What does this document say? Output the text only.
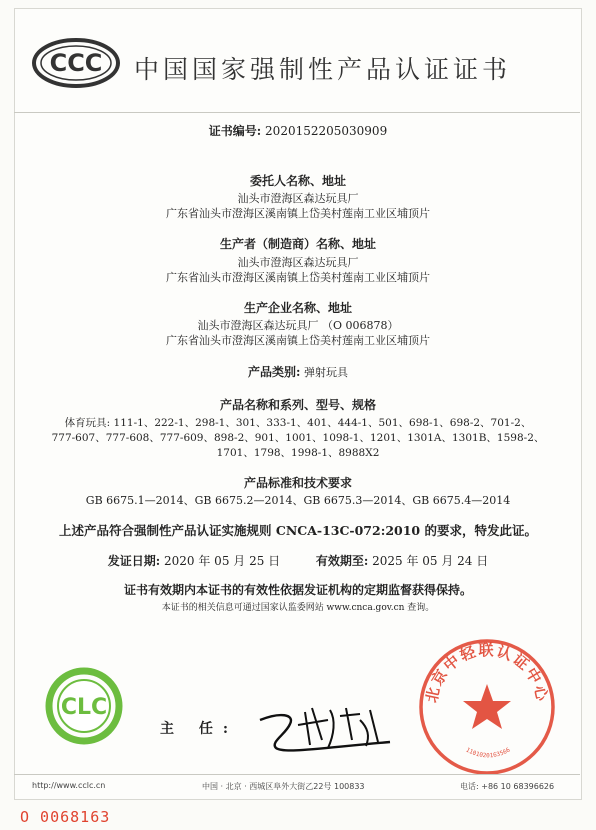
CCC 中国国家强制性产品认证证书
证书编号: 2020152205030909
委托人名称、地址
汕头市澄海区森达玩具厂
广东省汕头市澄海区溪南镇上岱美村莲南工业区埔顶片
生产者（制造商）名称、地址
汕头市澄海区森达玩具厂
广东省汕头市澄海区溪南镇上岱美村莲南工业区埔顶片
生产企业名称、地址
汕头市澄海区森达玩具厂 （O 006878）
广东省汕头市澄海区溪南镇上岱美村莲南工业区埔顶片
产品类别: 弹射玩具
产品名称和系列、型号、规格
体育玩具: 111-1、222-1、298-1、301、333-1、401、444-1、501、698-1、698-2、701-2、
777-607、777-608、777-609、898-2、901、1001、1098-1、1201、1301A、1301B、1598-2、
1701、1798、1998-1、8988X2
产品标准和技术要求
GB 6675.1—2014、GB 6675.2—2014、GB 6675.3—2014、GB 6675.4—2014
上述产品符合强制性产品认证实施规则 CNCA-13C-072:2010 的要求，特发此证。
发证日期: 2020 年 05 月 25 日	有效期至: 2025 年 05 月 24 日
证书有效期内本证书的有效性依据发证机构的定期监督获得保持。
本证书的相关信息可通过国家认监委网站 www.cnca.gov.cn 查询。
CLC
主 任:
北京中轻联认证中心
1101020163566
http://www.cclc.cn	中国 · 北京 · 西城区阜外大街乙22号 100833	电话: +86 10 68396626
O 0068163
